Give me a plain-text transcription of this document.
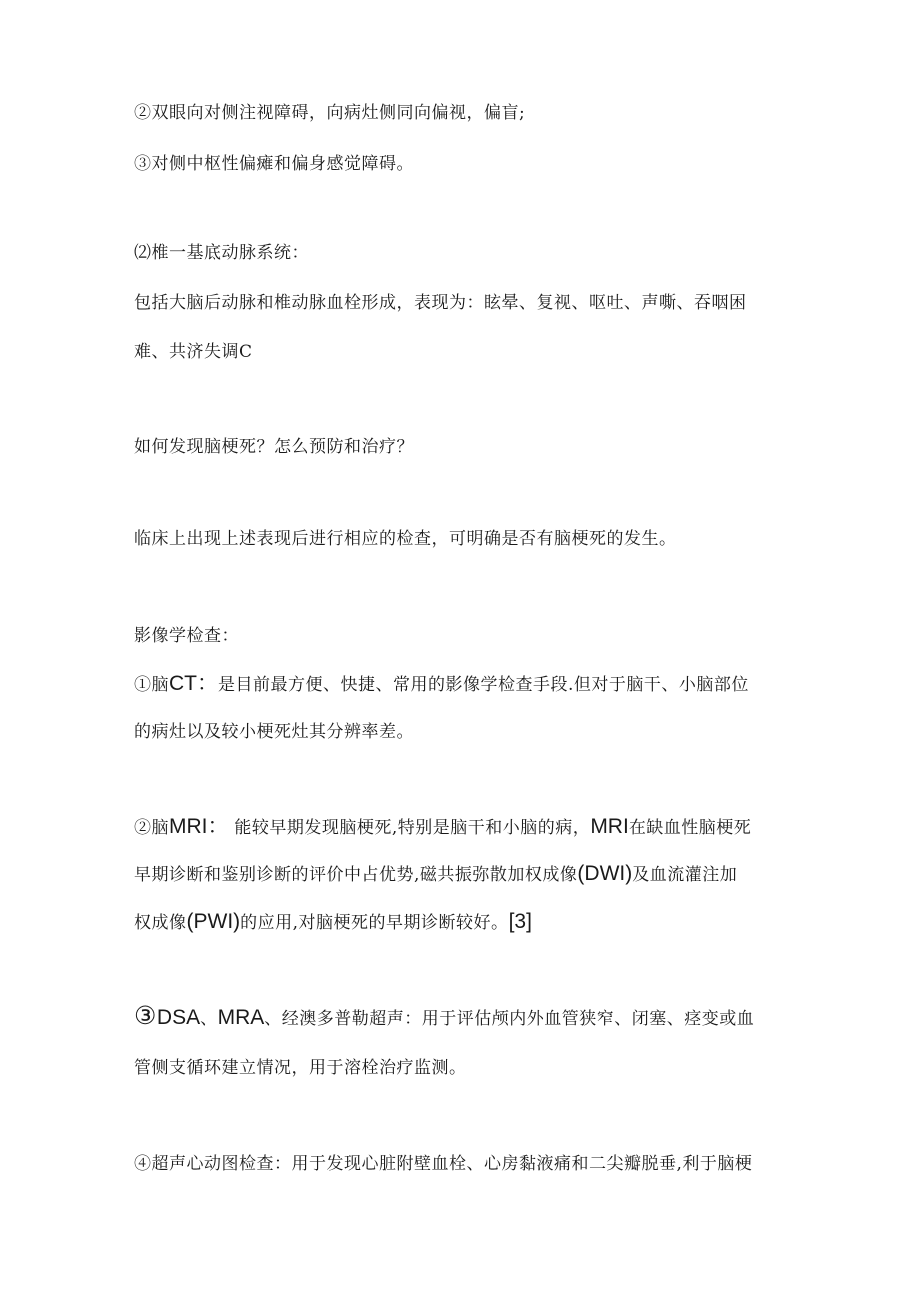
②双眼向对侧注视障碍，向病灶侧同向偏视，偏盲;
③对侧中枢性偏瘫和偏身感觉障碍。
⑵椎一基底动脉系统：
包括大脑后动脉和椎动脉血栓形成，表现为：眩晕、复视、呕吐、声嘶、吞咽困
难、共济失调C
如何发现脑梗死？怎么预防和治疗？
临床上出现上述表现后进行相应的检查，可明确是否有脑梗死的发生。
影像学检查：
①脑CT：是目前最方便、快捷、常用的影像学检查手段.但对于脑干、小脑部位
的病灶以及较小梗死灶其分辨率差。
②脑MRI： 能较早期发现脑梗死,特别是脑干和小脑的病，MRI在缺血性脑梗死
早期诊断和鉴别诊断的评价中占优势,磁共振弥散加权成像(DWI)及血流灌注加
权成像(PWI)的应用,对脑梗死的早期诊断较好。[3]
③DSA、MRA、经澳多普勒超声：用于评估颅内外血管狭窄、闭塞、痉变或血
管侧支循环建立情况，用于溶栓治疗监测。
④超声心动图检查：用于发现心脏附壁血栓、心房黏液痛和二尖瓣脱垂,利于脑梗
